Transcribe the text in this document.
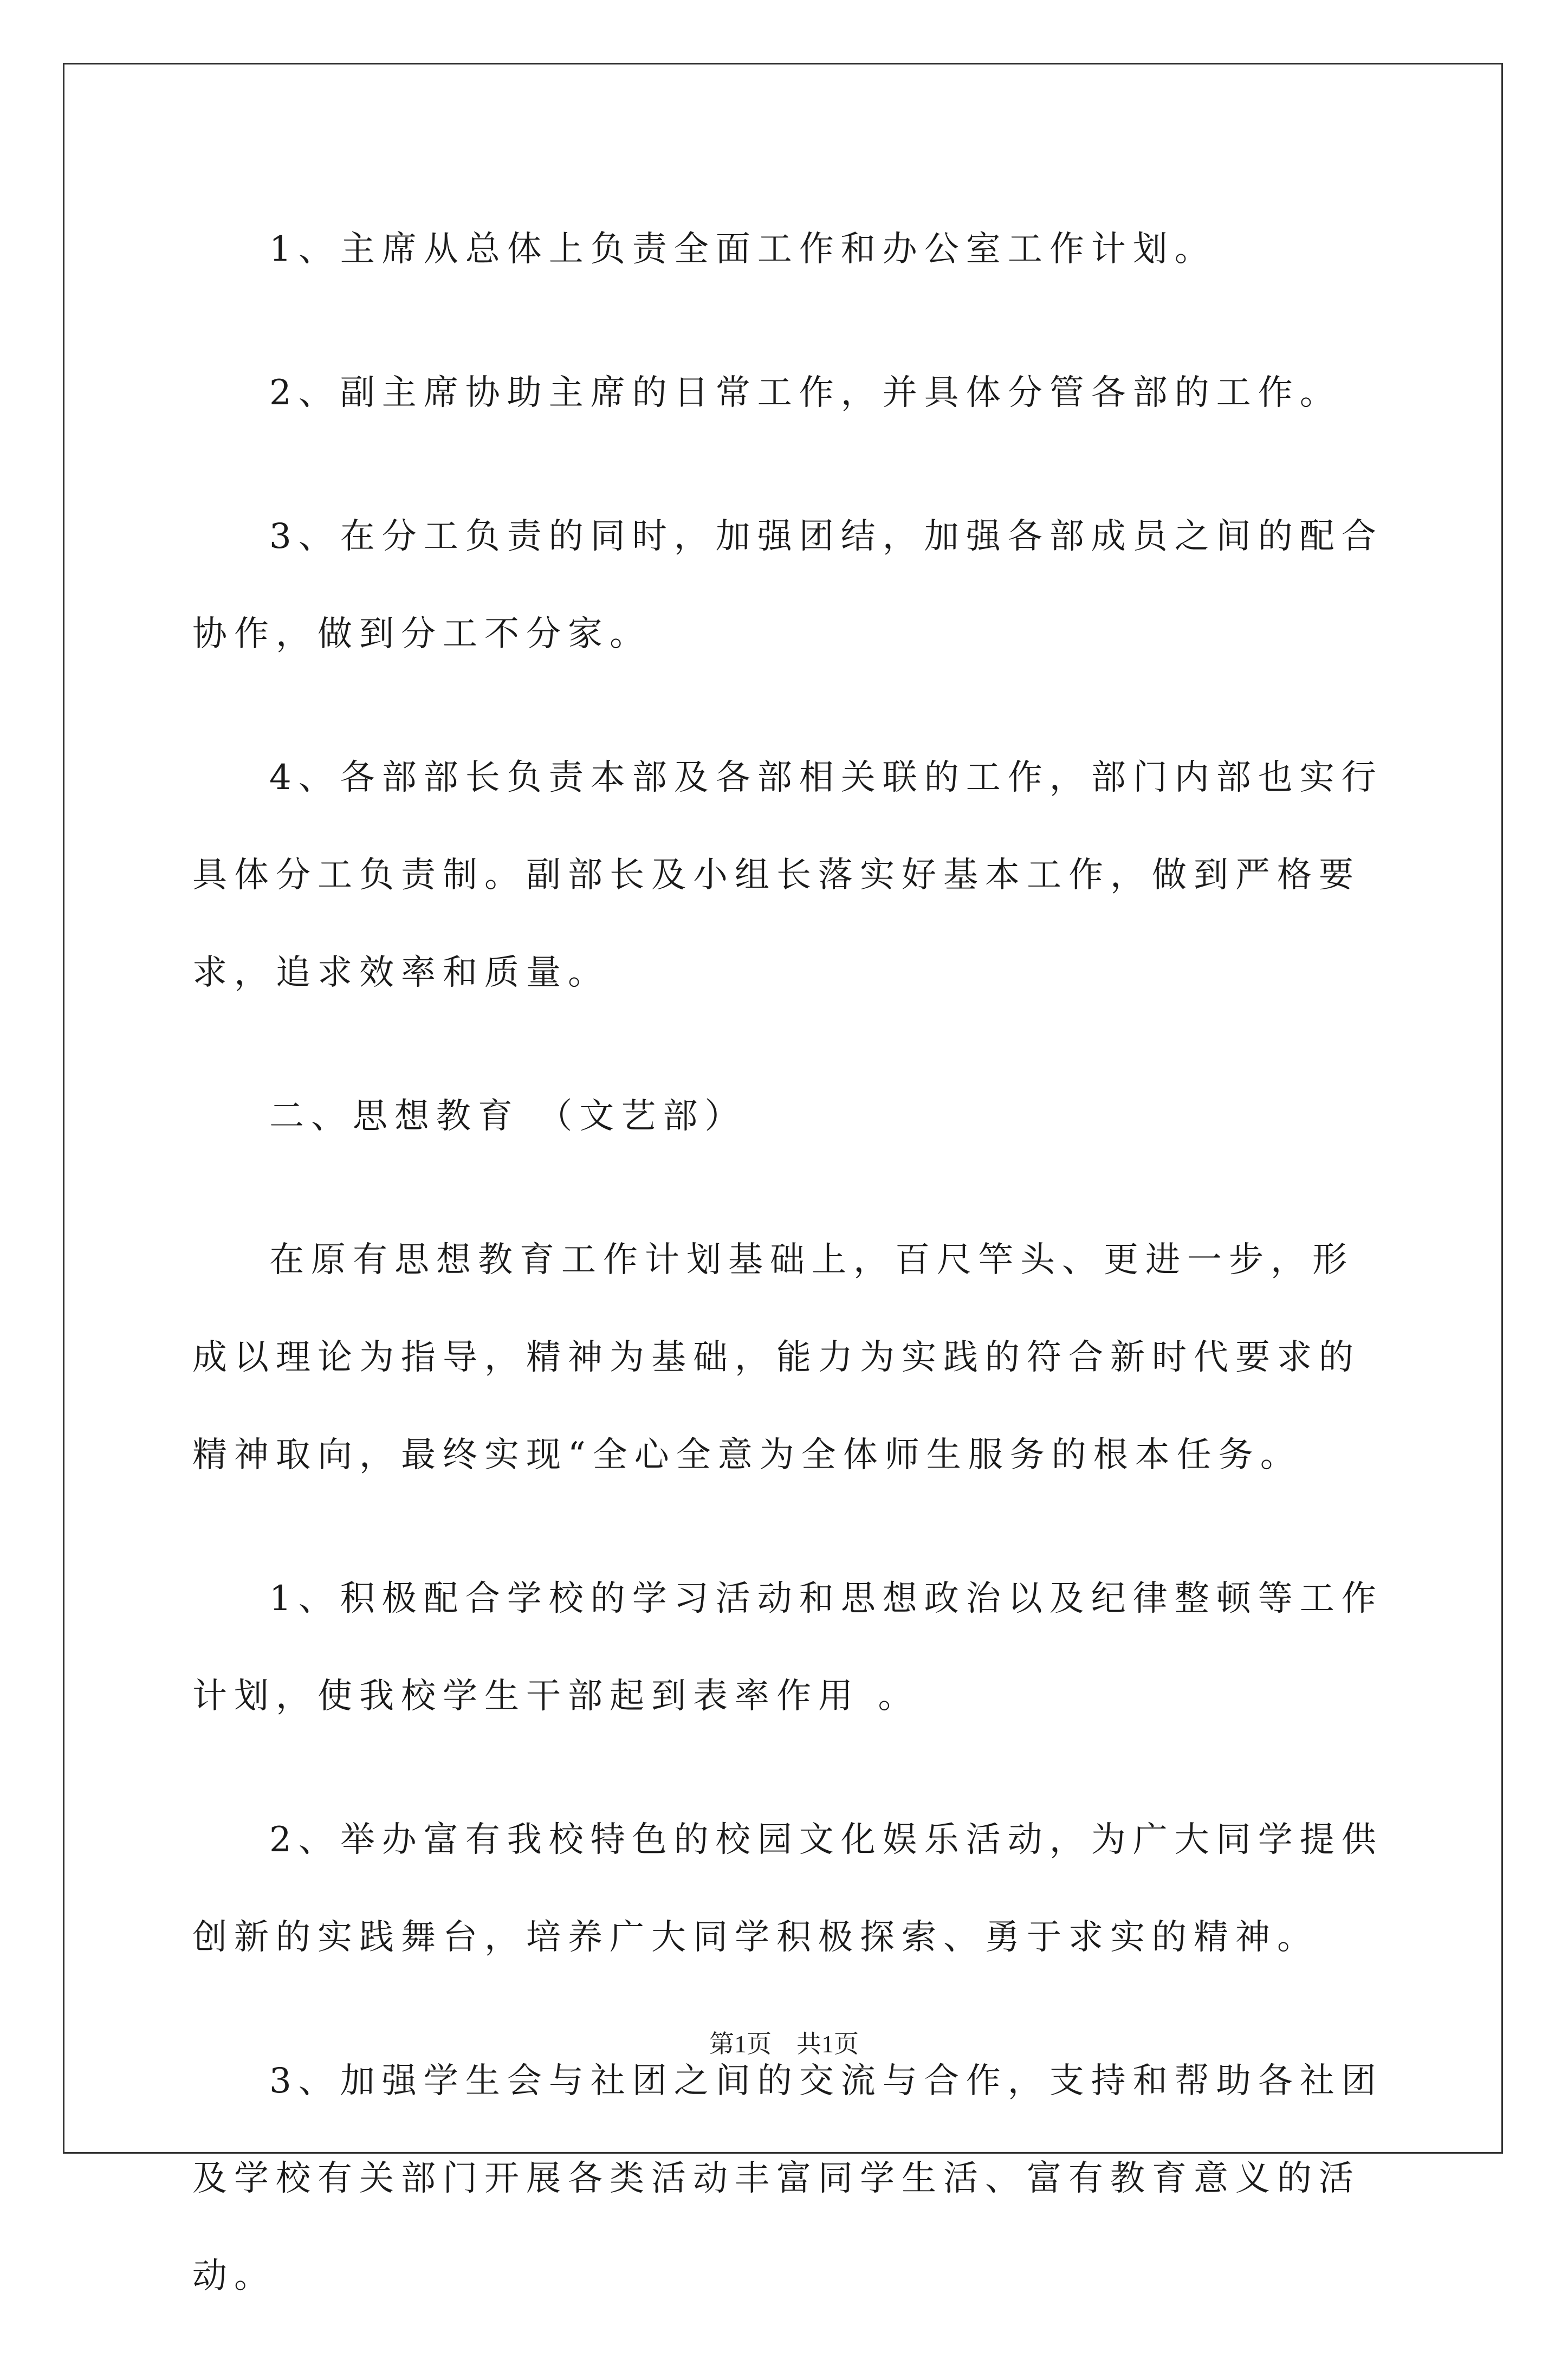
1、主席从总体上负责全面工作和办公室工作计划。

2、副主席协助主席的日常工作，并具体分管各部的工作。

3、在分工负责的同时，加强团结，加强各部成员之间的配合协作，做到分工不分家。

4、各部部长负责本部及各部相关联的工作，部门内部也实行具体分工负责制。副部长及小组长落实好基本工作，做到严格要求，追求效率和质量。

二、思想教育 （文艺部）

在原有思想教育工作计划基础上，百尺竿头、更进一步，形成以理论为指导，精神为基础，能力为实践的符合新时代要求的精神取向，最终实现“全心全意为全体师生服务的根本任务。

1、积极配合学校的学习活动和思想政治以及纪律整顿等工作计划，使我校学生干部起到表率作用 。

2、举办富有我校特色的校园文化娱乐活动，为广大同学提供创新的实践舞台，培养广大同学积极探索、勇于求实的精神。

3、加强学生会与社团之间的交流与合作，支持和帮助各社团及学校有关部门开展各类活动丰富同学生活、富有教育意义的活动。

第1页　共1页
